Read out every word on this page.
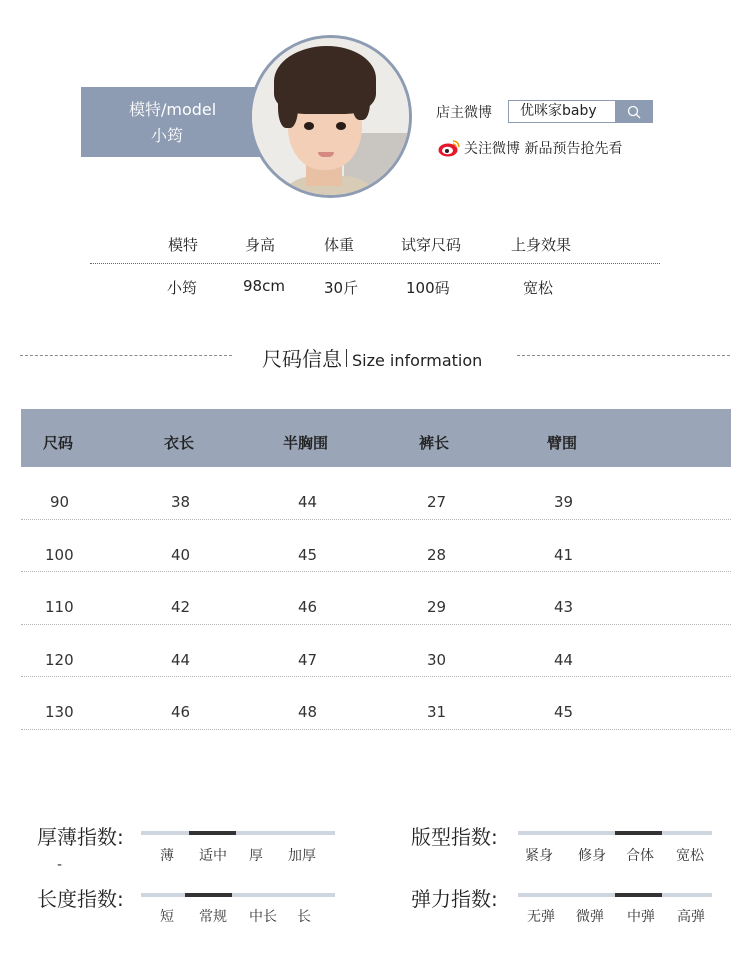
模特/model
小筠
店主微博	优咪家baby
关注微博 新品预告抢先看
模特	身高	体重	试穿尺码	上身效果
小筠	98cm	30斤	100码	宽松
尺码信息 Size information
尺码	衣长	半胸围	裤长	臂围
90	38	44	27	39
100	40	45	28	41
110	42	46	29	43
120	44	47	30	44
130	46	48	31	45
厚薄指数:
薄 适中 厚 加厚
-
版型指数:
紧身 修身 合体 宽松
长度指数:
短 常规 中长 长
弹力指数:
无弹 微弹 中弹 高弹
